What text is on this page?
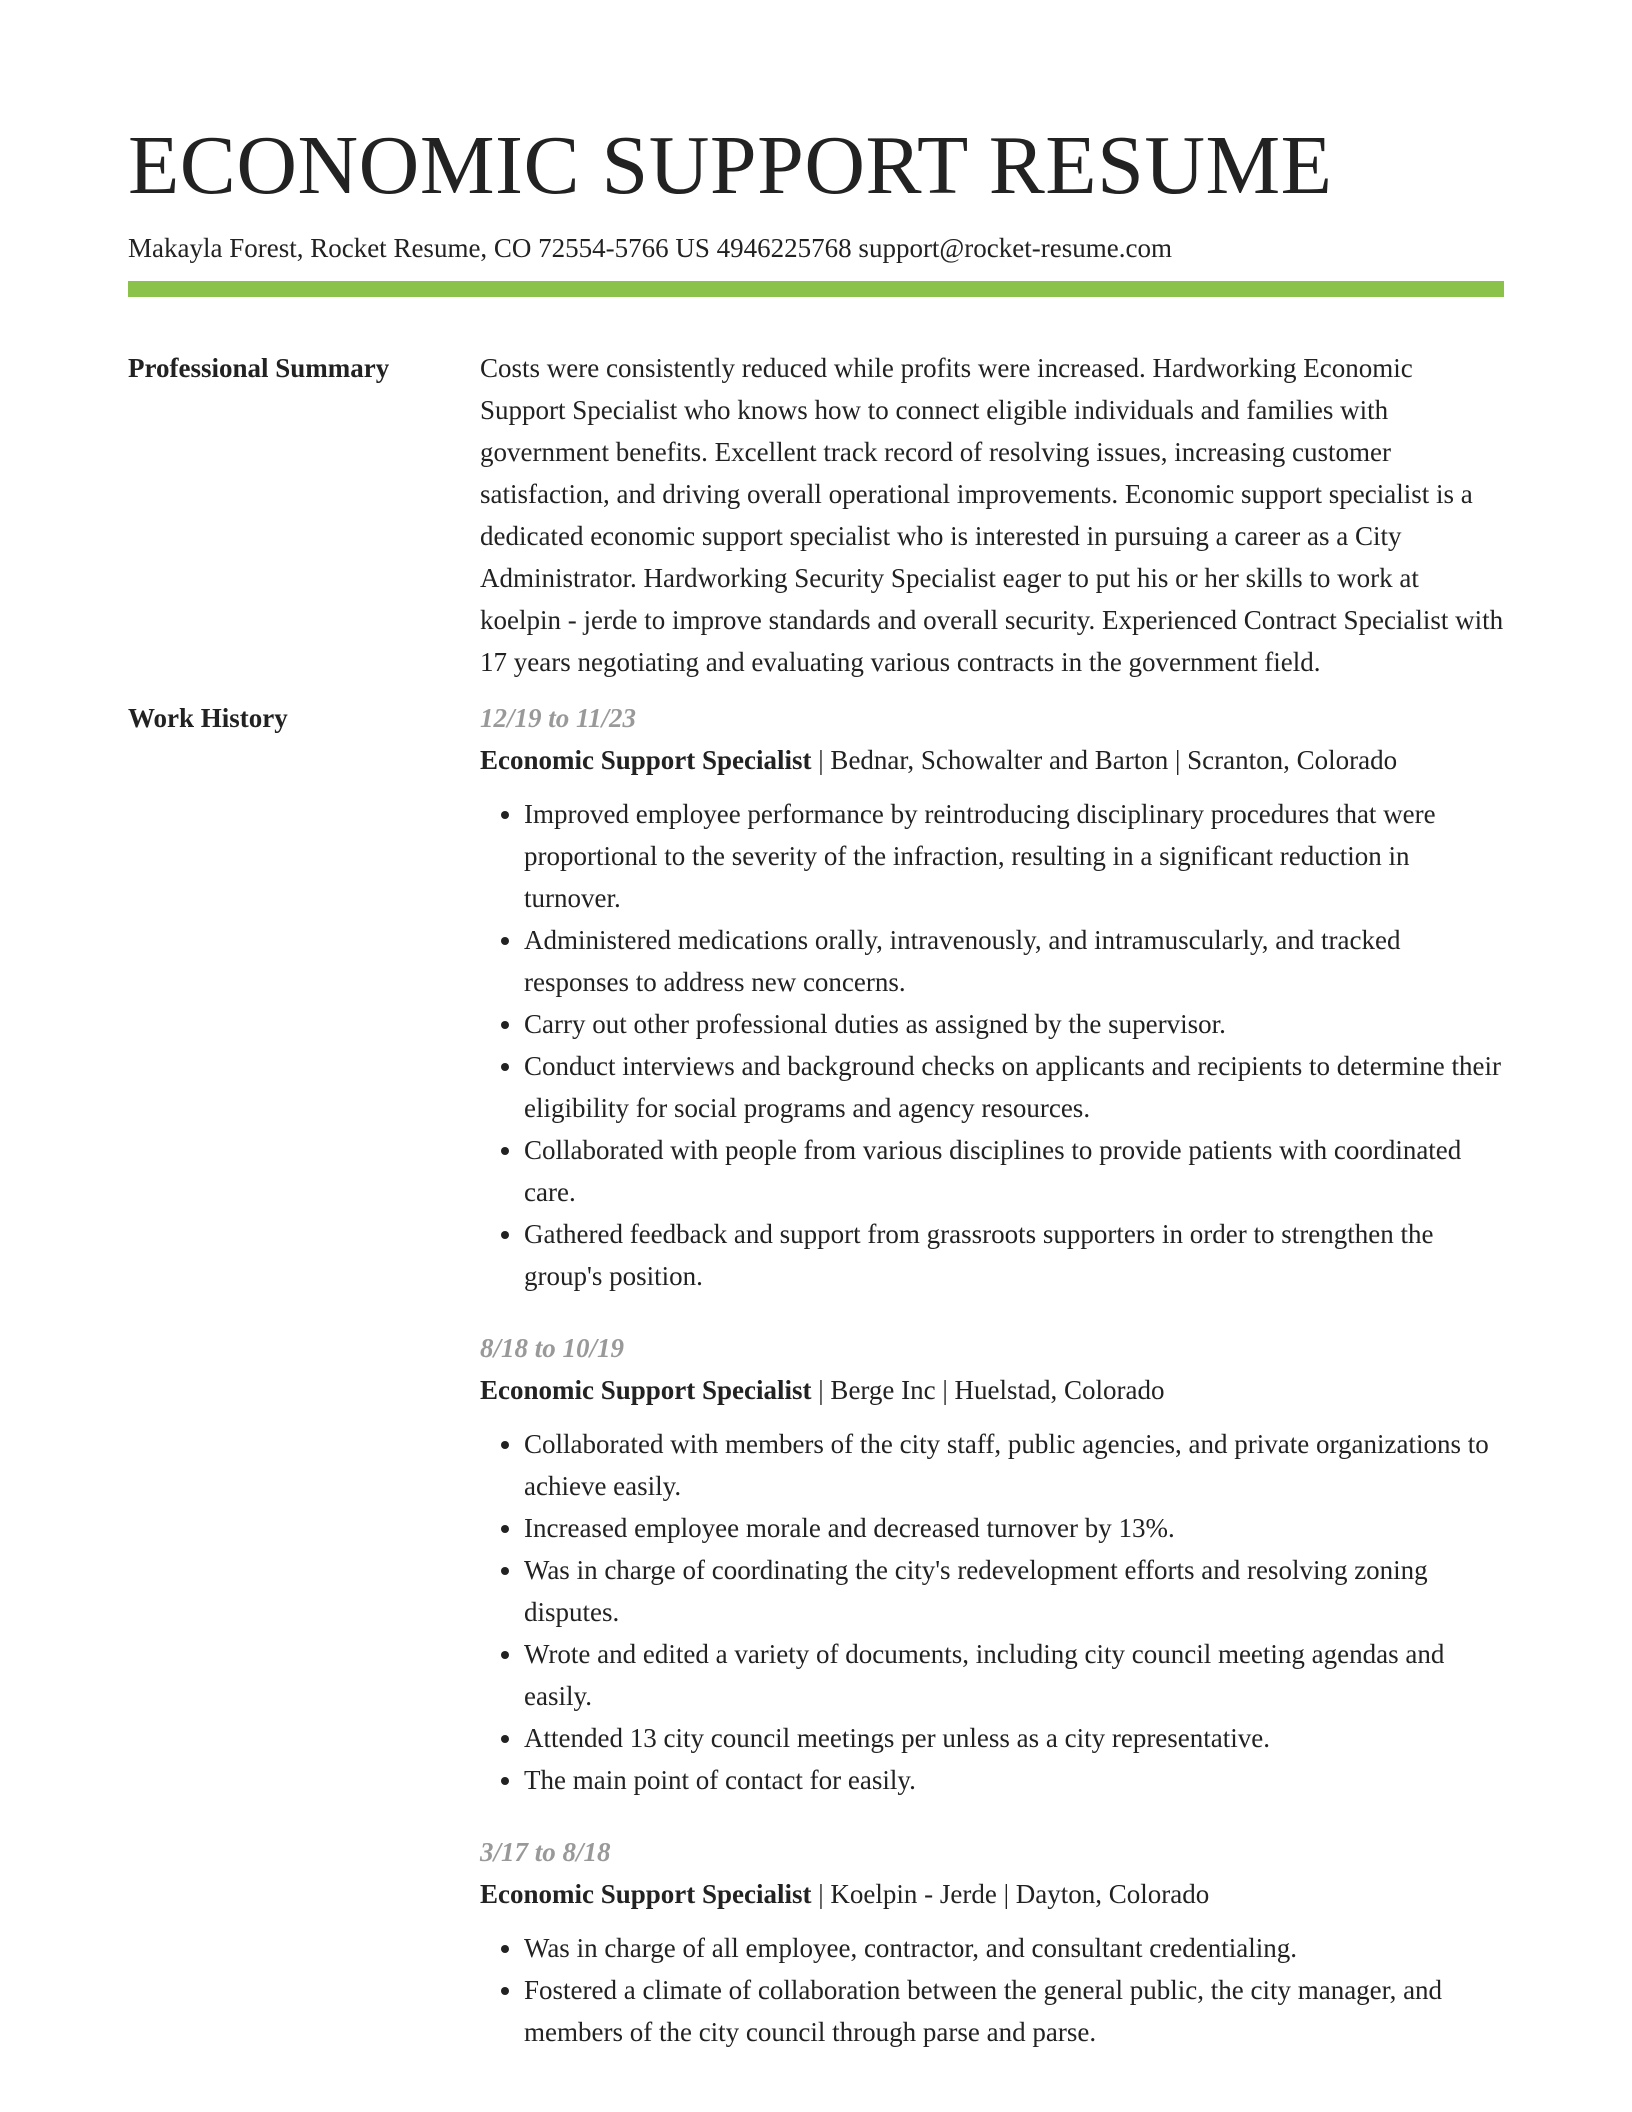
ECONOMIC SUPPORT RESUME
Makayla Forest, Rocket Resume, CO 72554-5766 US 4946225768 support@rocket-resume.com
Professional Summary	Costs were consistently reduced while profits were increased. Hardworking Economic Support Specialist who knows how to connect eligible individuals and families with government benefits. Excellent track record of resolving issues, increasing customer satisfaction, and driving overall operational improvements. Economic support specialist is a dedicated economic support specialist who is interested in pursuing a career as a City Administrator. Hardworking Security Specialist eager to put his or her skills to work at koelpin - jerde to improve standards and overall security. Experienced Contract Specialist with 17 years negotiating and evaluating various contracts in the government field.
Work History	12/19 to 11/23
Economic Support Specialist | Bednar, Schowalter and Barton | Scranton, Colorado
• Improved employee performance by reintroducing disciplinary procedures that were proportional to the severity of the infraction, resulting in a significant reduction in turnover.
• Administered medications orally, intravenously, and intramuscularly, and tracked responses to address new concerns.
• Carry out other professional duties as assigned by the supervisor.
• Conduct interviews and background checks on applicants and recipients to determine their eligibility for social programs and agency resources.
• Collaborated with people from various disciplines to provide patients with coordinated care.
• Gathered feedback and support from grassroots supporters in order to strengthen the group's position.
8/18 to 10/19
Economic Support Specialist | Berge Inc | Huelstad, Colorado
• Collaborated with members of the city staff, public agencies, and private organizations to achieve easily.
• Increased employee morale and decreased turnover by 13%.
• Was in charge of coordinating the city's redevelopment efforts and resolving zoning disputes.
• Wrote and edited a variety of documents, including city council meeting agendas and easily.
• Attended 13 city council meetings per unless as a city representative.
• The main point of contact for easily.
3/17 to 8/18
Economic Support Specialist | Koelpin - Jerde | Dayton, Colorado
• Was in charge of all employee, contractor, and consultant credentialing.
• Fostered a climate of collaboration between the general public, the city manager, and members of the city council through parse and parse.
